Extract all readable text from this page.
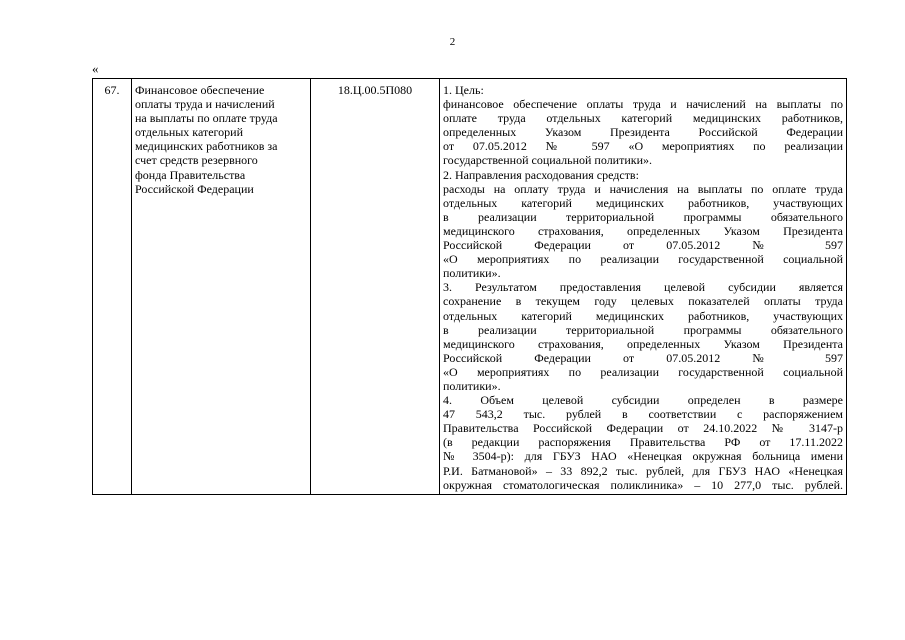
2
«
67.	Финансовое обеспечение
оплаты труда и начислений
на выплаты по оплате труда
отдельных категорий
медицинских работников за
счет средств резервного
фонда Правительства
Российской Федерации
	18.Ц.00.5П080	1. Цель:
финансовое обеспечение оплаты труда и начислений на выплаты по
оплате труда отдельных категорий медицинских работников,
определенных Указом Президента Российской Федерации
от 07.05.2012 № 597 «О мероприятиях по реализации
государственной социальной политики».
2. Направления расходования средств:
расходы на оплату труда и начисления на выплаты по оплате труда
отдельных категорий медицинских работников, участвующих
в реализации территориальной программы обязательного
медицинского страхования, определенных Указом Президента
Российской Федерации от 07.05.2012 № 597
«О мероприятиях по реализации государственной социальной
политики».
3. Результатом предоставления целевой субсидии является
сохранение в текущем году целевых показателей оплаты труда
отдельных категорий медицинских работников, участвующих
в реализации территориальной программы обязательного
медицинского страхования, определенных Указом Президента
Российской Федерации от 07.05.2012 № 597
«О мероприятиях по реализации государственной социальной
политики».
4. Объем целевой субсидии определен в размере
47 543,2 тыс. рублей в соответствии с распоряжением
Правительства Российской Федерации от 24.10.2022 № 3147-р
(в редакции распоряжения Правительства РФ от 17.11.2022
№ 3504-р): для ГБУЗ НАО «Ненецкая окружная больница имени
Р.И. Батмановой» – 33 892,2 тыс. рублей, для ГБУЗ НАО «Ненецкая
окружная стоматологическая поликлиника» – 10 277,0 тыс. рублей.
